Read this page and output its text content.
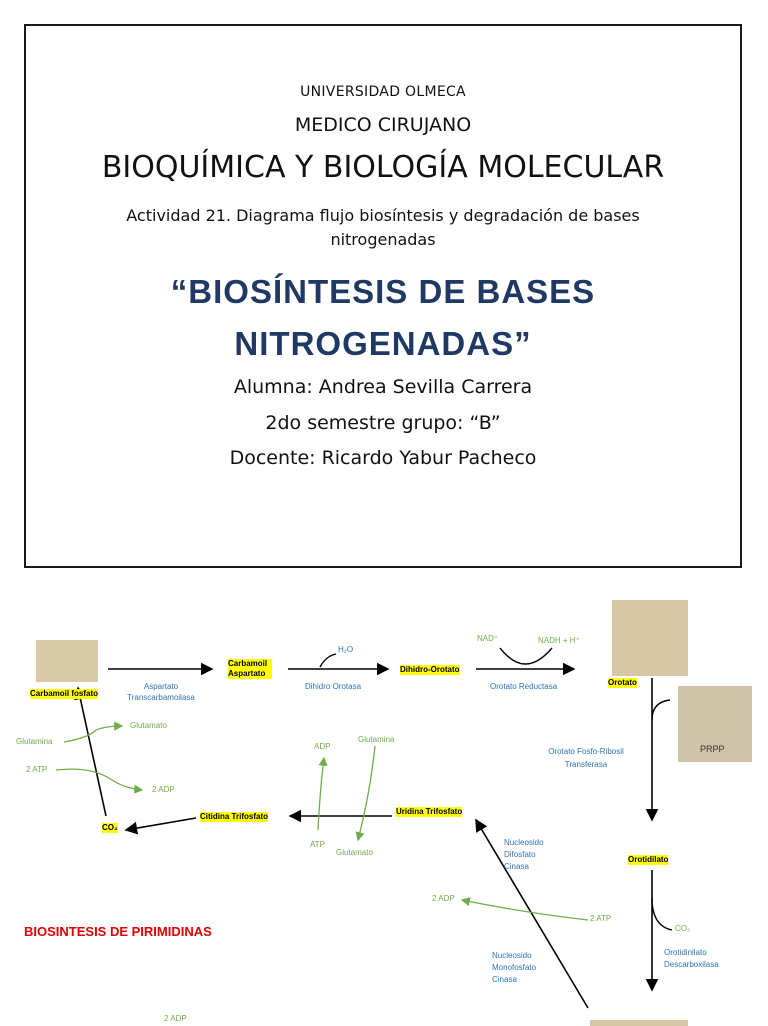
UNIVERSIDAD OLMECA
MEDICO CIRUJANO
BIOQUÍMICA Y BIOLOGÍA MOLECULAR
Actividad 21. Diagrama flujo biosíntesis y degradación de bases nitrogenadas
“BIOSÍNTESIS DE BASES NITROGENADAS”
Alumna: Andrea Sevilla Carrera
2do semestre grupo: “B”
Docente: Ricardo Yabur Pacheco
PRPP
Carbamoil fosfato
Carbamoil Aspartato	Dihidro-Orotato
Orotato
Orotidilato
Uridina Trifosfato
Citidina Trifosfato
CO₂
Aspartato Transcarbamoilasa
Dihidro Orotasa	Orotato Reductasa
Orotato Fosfo-Ribosil Transferasa
Nucleosido Difosfato Cinasa
Nucleosido Monofosfato Cinasa
Orotidinilato Descarboxilasa
H₂O
NAD⁺	NADH + H⁺
Glutamina
Glutamato
2 ATP
2 ADP
ADP
Glutamina
ATP
Glutamato
2 ADP
2 ATP
CO₂
2 ADP
BIOSINTESIS DE PIRIMIDINAS
